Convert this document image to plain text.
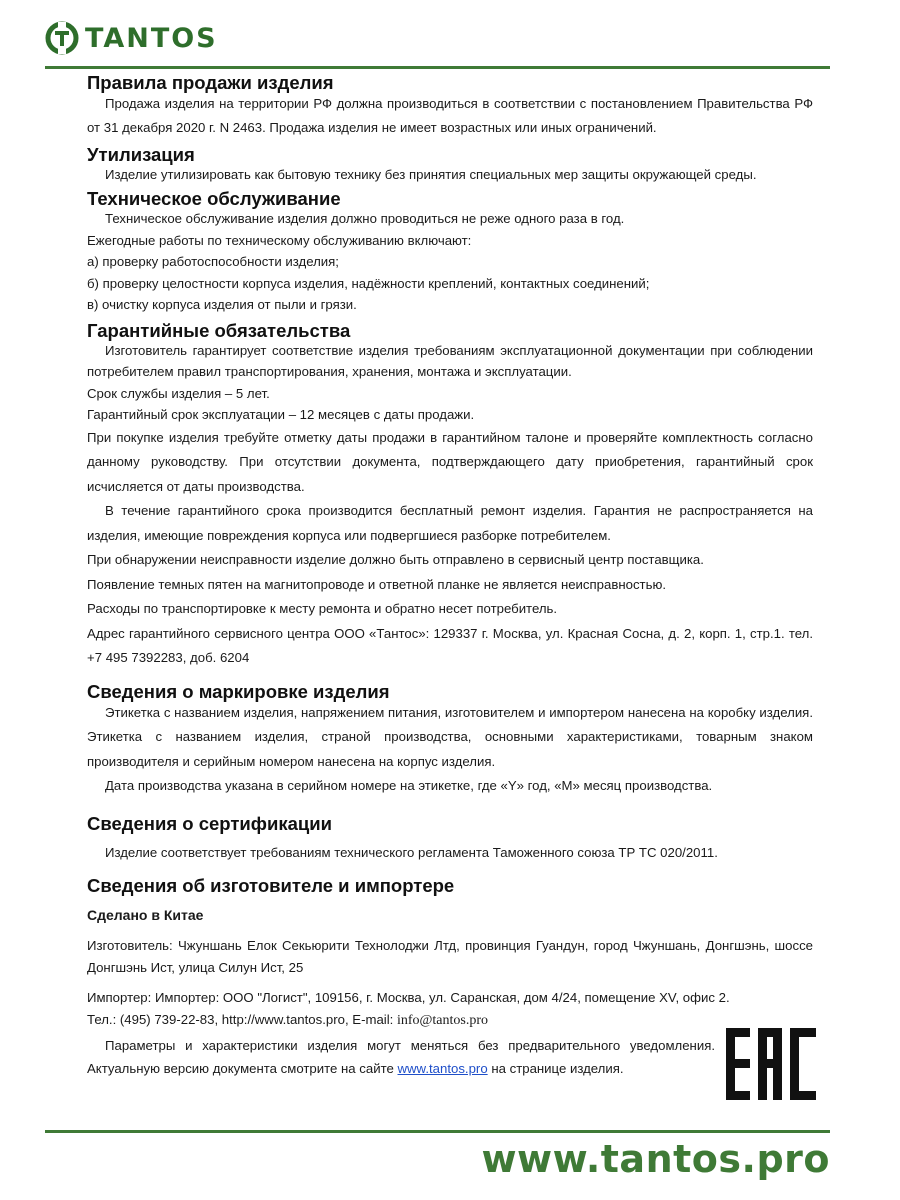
TANTOS
Правила продажи изделия

Продажа изделия на территории РФ должна производиться в соответствии с постановлением Правительства РФ от 31 декабря 2020 г. N 2463. Продажа изделия не имеет возрастных или иных ограничений.

Утилизация

Изделие утилизировать как бытовую технику без принятия специальных мер защиты окружающей среды.

Техническое обслуживание

Техническое обслуживание изделия должно проводиться не реже одного раза в год.

Ежегодные работы по техническому обслуживанию включают:

а) проверку работоспособности изделия;

б) проверку целостности корпуса изделия, надёжности креплений, контактных соединений;

в) очистку корпуса изделия от пыли и грязи.

Гарантийные обязательства

Изготовитель гарантирует соответствие изделия требованиям эксплуатационной документации при соблюдении потребителем правил транспортирования, хранения, монтажа и эксплуатации.

Срок службы изделия – 5 лет.

Гарантийный срок эксплуатации – 12 месяцев с даты продажи.

При покупке изделия требуйте отметку даты продажи в гарантийном талоне и проверяйте комплектность согласно данному руководству. При отсутствии документа, подтверждающего дату приобретения, гарантийный срок исчисляется от даты производства.

В течение гарантийного срока производится бесплатный ремонт изделия. Гарантия не распространяется на изделия, имеющие повреждения корпуса или подвергшиеся разборке потребителем.

При обнаружении неисправности изделие должно быть отправлено в сервисный центр поставщика.

Появление темных пятен на магнитопроводе и ответной планке не является неисправностью.

Расходы по транспортировке к месту ремонта и обратно несет потребитель.

Адрес гарантийного сервисного центра ООО «Тантос»: 129337 г. Москва, ул. Красная Сосна, д. 2, корп. 1, стр.1. тел. +7 495 7392283, доб. 6204

Сведения о маркировке изделия

Этикетка с названием изделия, напряжением питания, изготовителем и импортером нанесена на коробку изделия. Этикетка с названием изделия, страной производства, основными характеристиками, товарным знаком производителя и серийным номером нанесена на корпус изделия.

Дата производства указана в серийном номере на этикетке, где «Y» год, «M» месяц производства.

Сведения о сертификации

Изделие соответствует требованиям технического регламента Таможенного союза ТР ТС 020/2011.

Сведения об изготовителе и импортере

Сделано в Китае

Изготовитель: Чжуншань Елок Секьюрити Технолоджи Лтд, провинция Гуандун, город Чжуншань, Донгшэнь, шоссе Донгшэнь Ист, улица Силун Ист, 25

Импортер: Импортер: ООО "Логист", 109156, г. Москва, ул. Саранская, дом 4/24, помещение XV, офис 2.

Тел.: (495) 739-22-83, http://www.tantos.pro, E-mail: info@tantos.pro

Параметры и характеристики изделия могут меняться без предварительного уведомления. Актуальную версию документа смотрите на сайте www.tantos.pro на странице изделия.

www.tantos.pro
